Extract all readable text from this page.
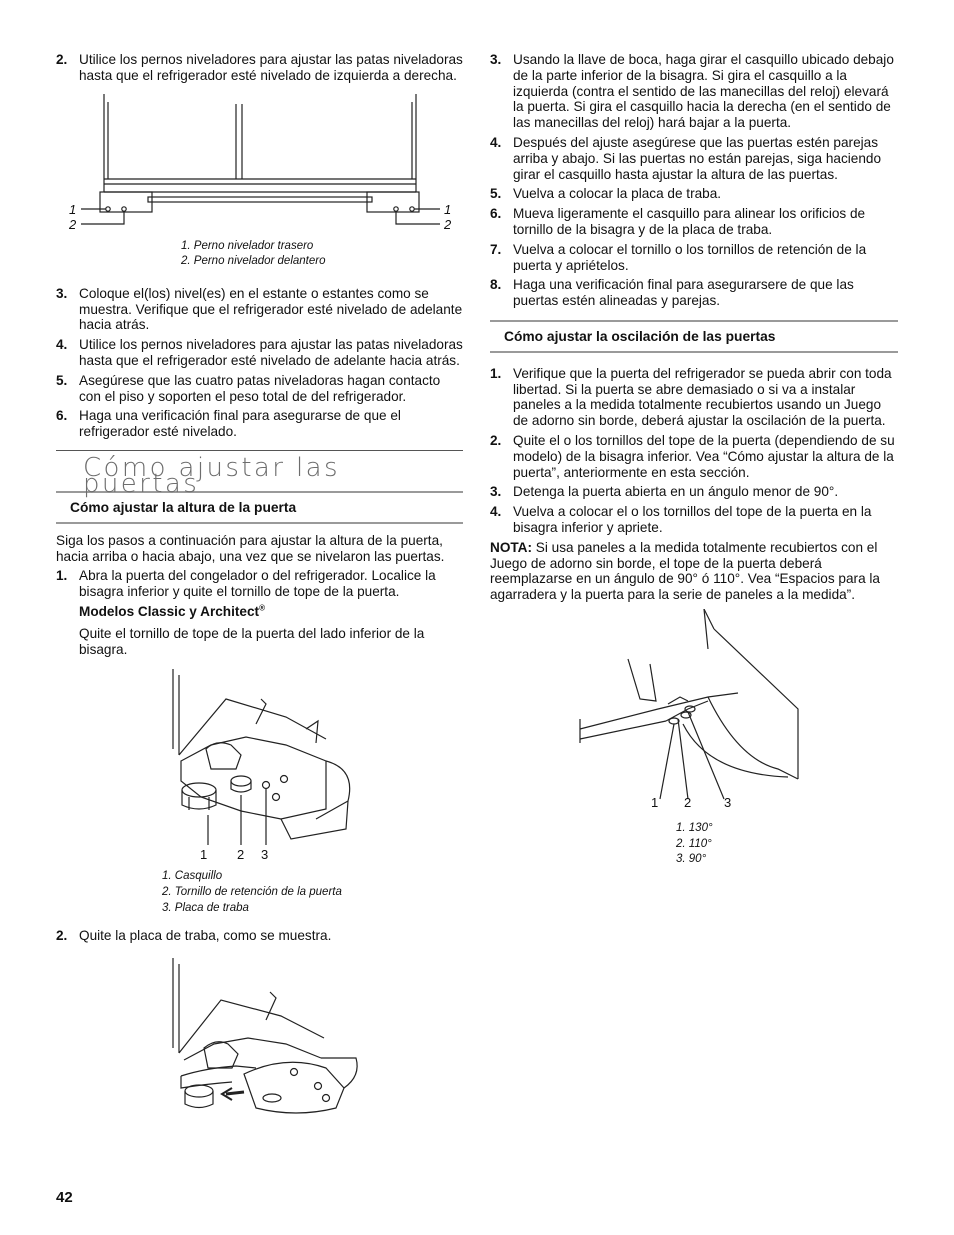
2. Utilice los pernos niveladores para ajustar las patas niveladoras hasta que el refrigerador esté nivelado de izquierda a derecha.
1
2
1
2
1. Perno nivelador trasero
2. Perno nivelador delantero
3. Coloque el(los) nivel(es) en el estante o estantes como se muestra. Verifique que el refrigerador esté nivelado de adelante hacia atrás.
4. Utilice los pernos niveladores para ajustar las patas niveladoras hasta que el refrigerador esté nivelado de adelante hacia atrás.
5. Asegúrese que las cuatro patas niveladoras hagan contacto con el piso y soporten el peso total de del refrigerador.
6. Haga una verificación final para asegurarse de que el refrigerador esté nivelado.
Cómo ajustar las puertas
Cómo ajustar la altura de la puerta
Siga los pasos a continuación para ajustar la altura de la puerta, hacia arriba o hacia abajo, una vez que se nivelaron las puertas.
1. Abra la puerta del congelador o del refrigerador. Localice la bisagra inferior y quite el tornillo de tope de la puerta.
Modelos Classic y Architect®
Quite el tornillo de tope de la puerta del lado inferior de la bisagra.
1 2 3
1. Casquillo
2. Tornillo de retención de la puerta
3. Placa de traba
2. Quite la placa de traba, como se muestra.
3. Usando la llave de boca, haga girar el casquillo ubicado debajo de la parte inferior de la bisagra. Si gira el casquillo a la izquierda (contra el sentido de las manecillas del reloj) elevará la puerta. Si gira el casquillo hacia la derecha (en el sentido de las manecillas del reloj) hará bajar a la puerta.
4. Después del ajuste asegúrese que las puertas estén parejas arriba y abajo. Si las puertas no están parejas, siga haciendo girar el casquillo hasta ajustar la altura de las puertas.
5. Vuelva a colocar la placa de traba.
6. Mueva ligeramente el casquillo para alinear los orificios de tornillo de la bisagra y de la placa de traba.
7. Vuelva a colocar el tornillo o los tornillos de retención de la puerta y apriételos.
8. Haga una verificación final para asegurarsere de que las puertas estén alineadas y parejas.
Cómo ajustar la oscilación de las puertas
1. Verifique que la puerta del refrigerador se pueda abrir con toda libertad. Si la puerta se abre demasiado o si va a instalar paneles a la medida totalmente recubiertos usando un Juego de adorno sin borde, deberá ajustar la oscilación de la puerta.
2. Quite el o los tornillos del tope de la puerta (dependiendo de su modelo) de la bisagra inferior. Vea “Cómo ajustar la altura de la puerta”, anteriormente en esta sección.
3. Detenga la puerta abierta en un ángulo menor de 90°.
4. Vuelva a colocar el o los tornillos del tope de la puerta en la bisagra inferior y apriete.
NOTA: Si usa paneles a la medida totalmente recubiertos con el Juego de adorno sin borde, el tope de la puerta deberá reemplazarse en un ángulo de 90° ó 110°. Vea “Espacios para la agarradera y la puerta para la serie de paneles a la medida”.
1 2	3
1. 130°
2. 110°
3. 90°
42
